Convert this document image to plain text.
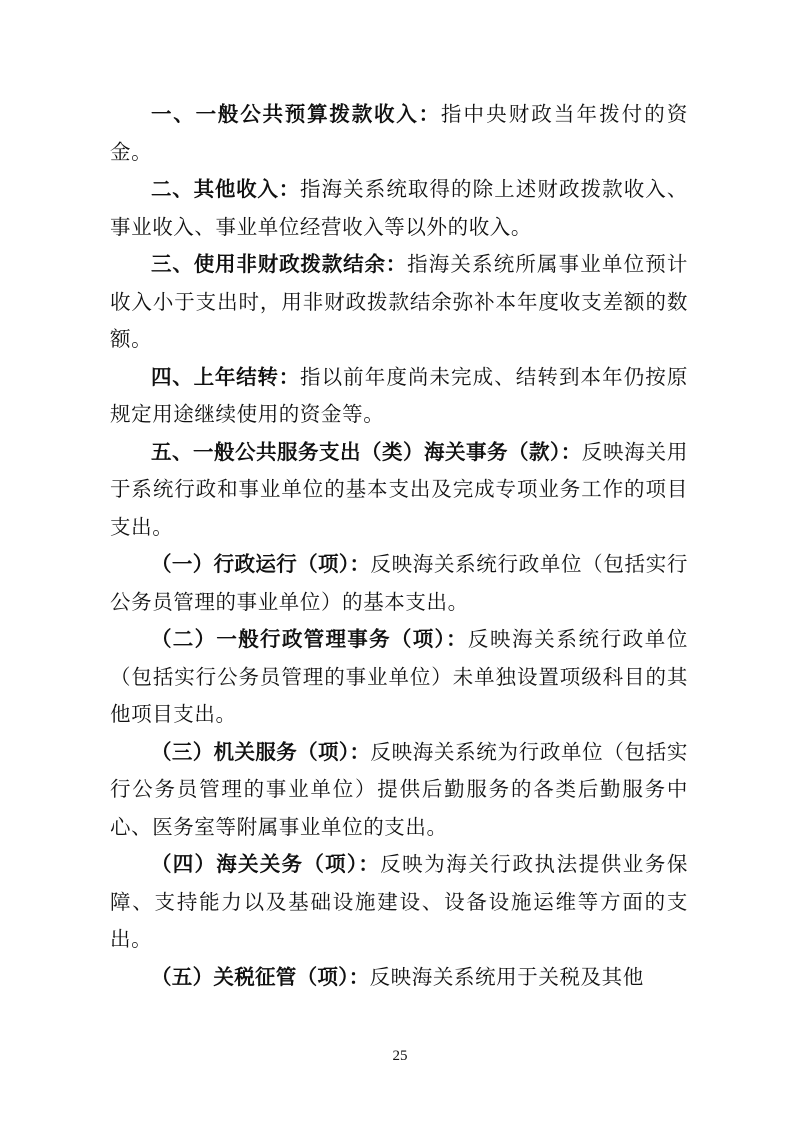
一、一般公共预算拨款收入：指中央财政当年拨付的资金。

二、其他收入：指海关系统取得的除上述财政拨款收入、事业收入、事业单位经营收入等以外的收入。

三、使用非财政拨款结余：指海关系统所属事业单位预计收入小于支出时，用非财政拨款结余弥补本年度收支差额的数额。

四、上年结转：指以前年度尚未完成、结转到本年仍按原规定用途继续使用的资金等。

五、一般公共服务支出（类）海关事务（款）：反映海关用于系统行政和事业单位的基本支出及完成专项业务工作的项目支出。

（一）行政运行（项）：反映海关系统行政单位（包括实行公务员管理的事业单位）的基本支出。

（二）一般行政管理事务（项）：反映海关系统行政单位（包括实行公务员管理的事业单位）未单独设置项级科目的其他项目支出。

（三）机关服务（项）：反映海关系统为行政单位（包括实行公务员管理的事业单位）提供后勤服务的各类后勤服务中心、医务室等附属事业单位的支出。

（四）海关关务（项）：反映为海关行政执法提供业务保障、支持能力以及基础设施建设、设备设施运维等方面的支出。

（五）关税征管（项）：反映海关系统用于关税及其他

25
